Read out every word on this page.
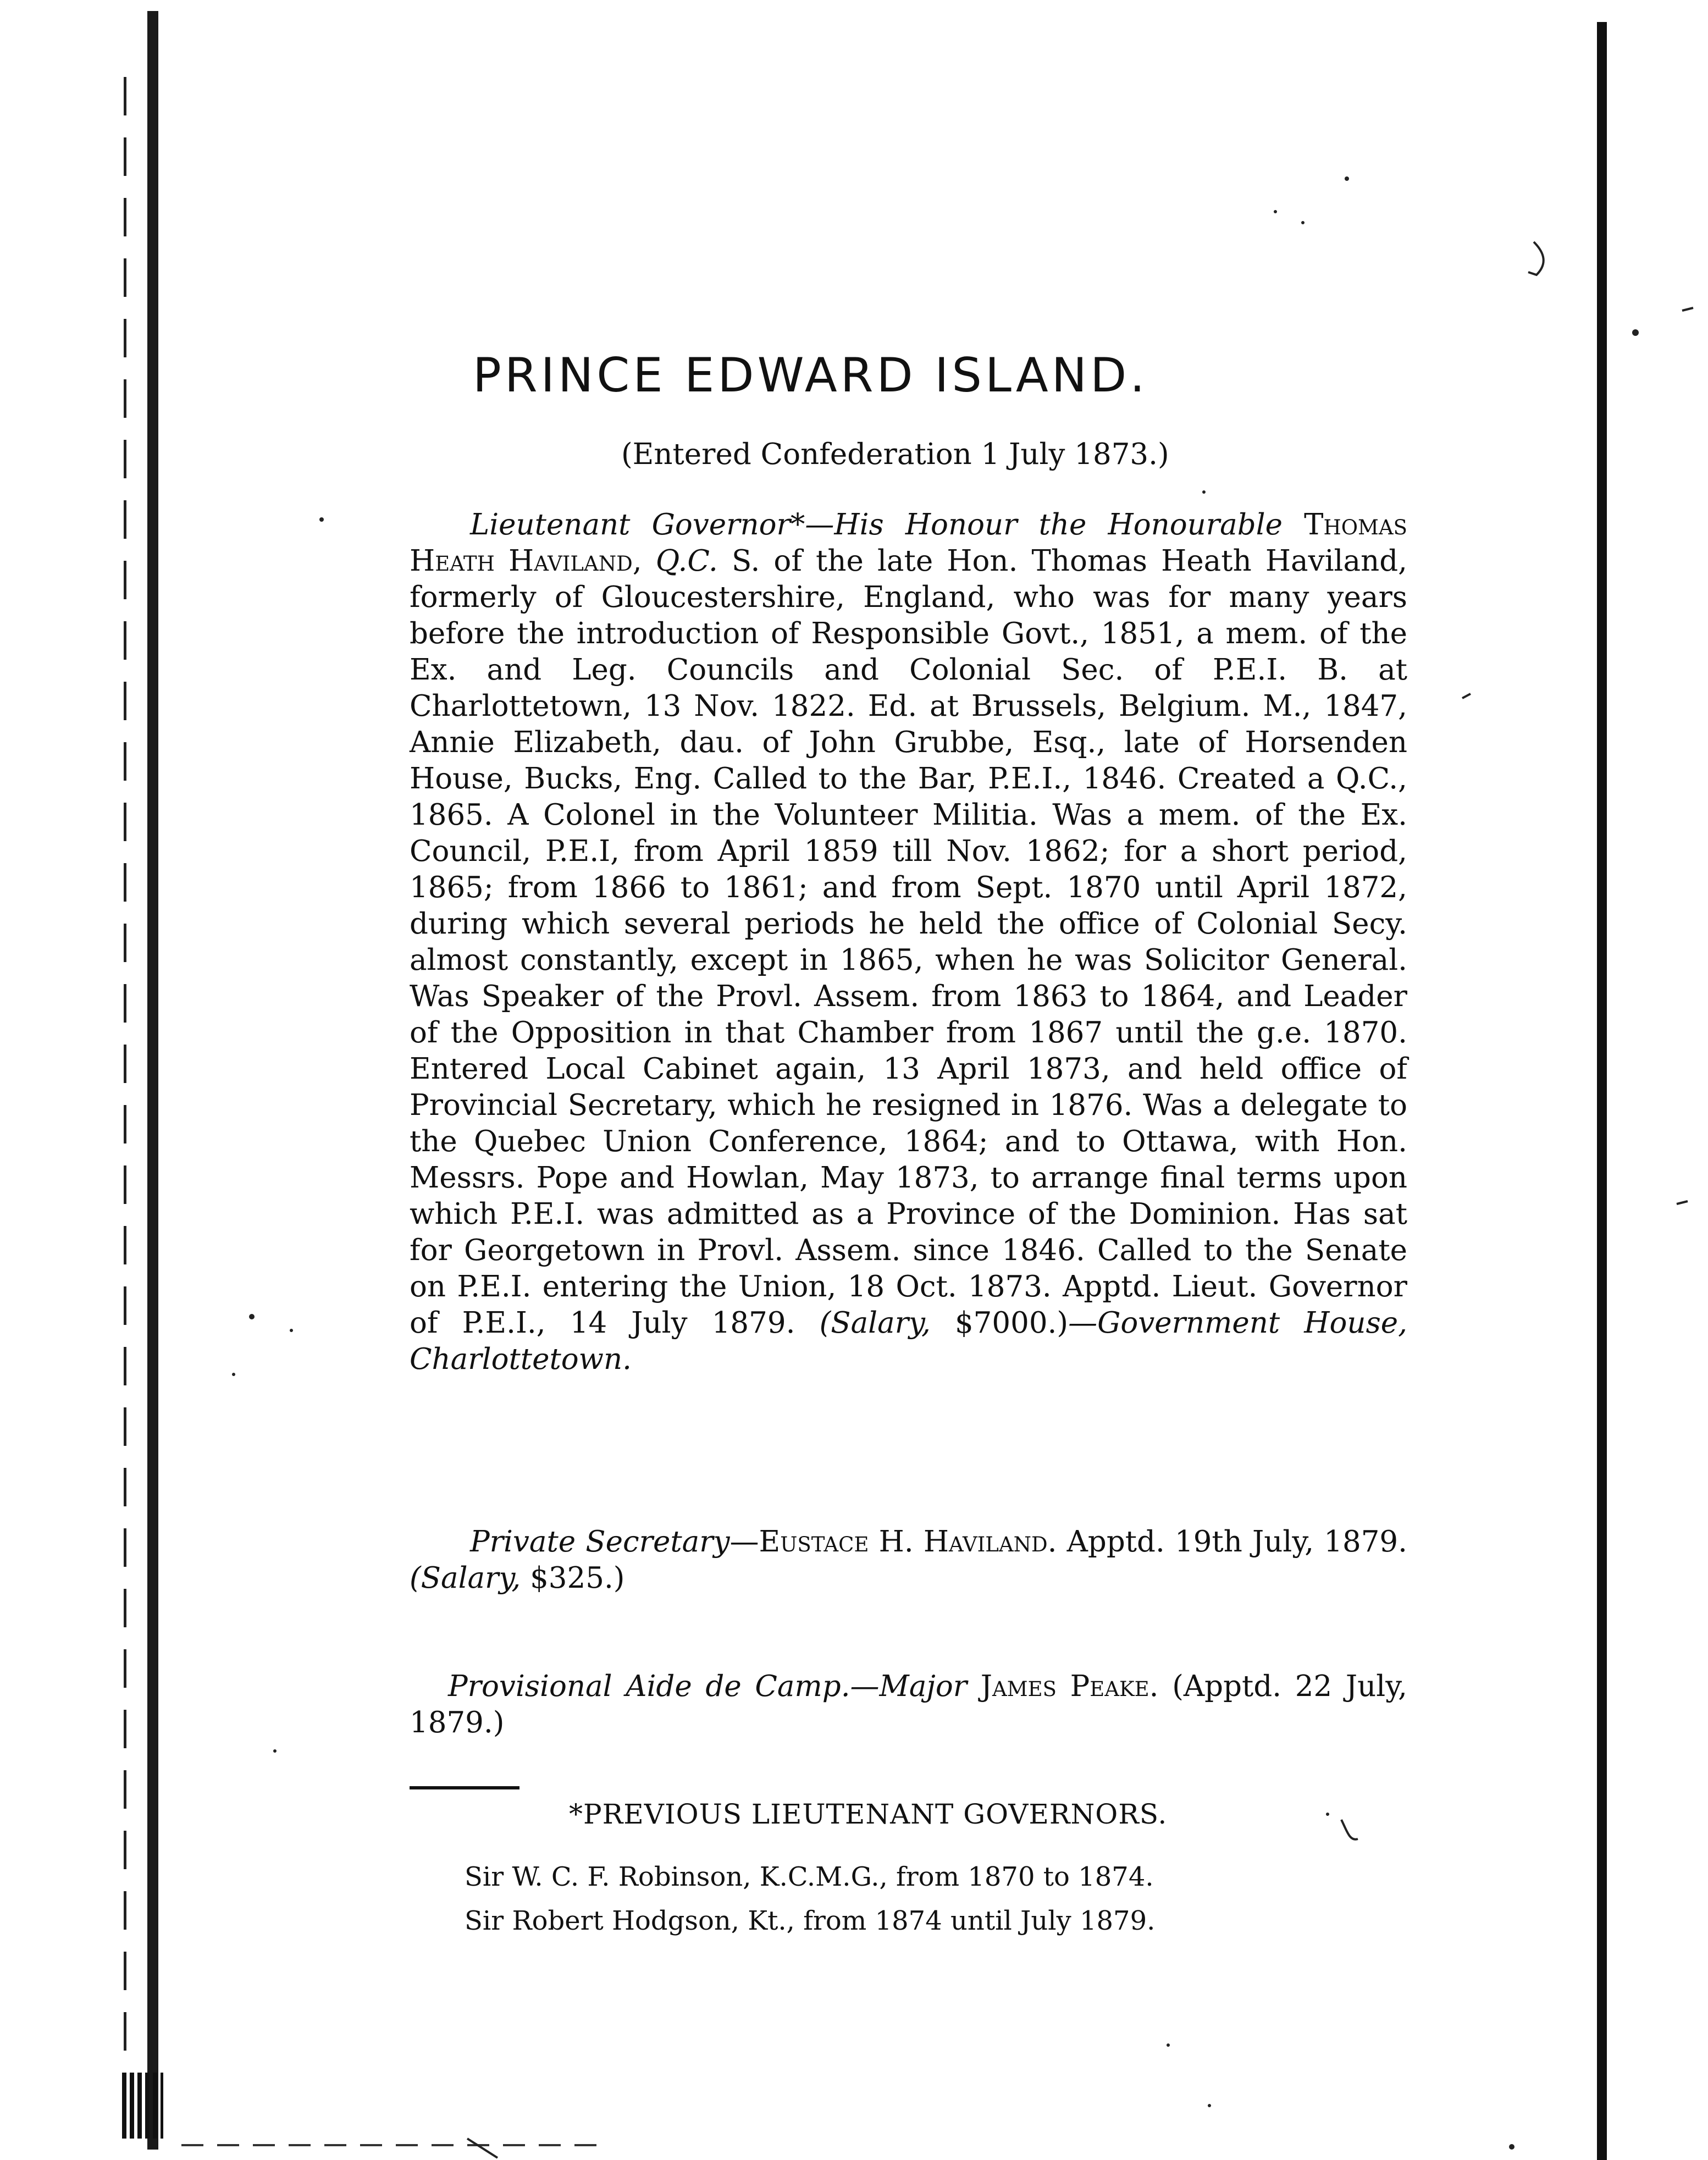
PRINCE EDWARD ISLAND.
(Entered Confederation 1 July 1873.)

Lieutenant Governor*—His Honour the Honourable Thomas Heath Haviland, Q.C. S. of the late Hon. Thomas Heath Haviland, formerly of Gloucestershire, England, who was for many years before the introduction of Responsible Govt., 1851, a mem. of the Ex. and Leg. Councils and Colonial Sec. of P.E.I. B. at Charlottetown, 13 Nov. 1822. Ed. at Brussels, Belgium. M., 1847, Annie Elizabeth, dau. of John Grubbe, Esq., late of Horsenden House, Bucks, Eng. Called to the Bar, P.E.I., 1846. Created a Q.C., 1865. A Colonel in the Volunteer Militia. Was a mem. of the Ex. Council, P.E.I, from April 1859 till Nov. 1862; for a short period, 1865; from 1866 to 1861; and from Sept. 1870 until April 1872, during which several periods he held the office of Colonial Secy. almost constantly, except in 1865, when he was Solicitor General. Was Speaker of the Provl. Assem. from 1863 to 1864, and Leader of the Opposition in that Chamber from 1867 until the g.e. 1870. Entered Local Cabinet again, 13 April 1873, and held office of Provincial Secretary, which he resigned in 1876. Was a delegate to the Quebec Union Conference, 1864; and to Ottawa, with Hon. Messrs. Pope and Howlan, May 1873, to arrange final terms upon which P.E.I. was admitted as a Province of the Dominion. Has sat for Georgetown in Provl. Assem. since 1846. Called to the Senate on P.E.I. entering the Union, 18 Oct. 1873. Apptd. Lieut. Governor of P.E.I., 14 July 1879. (Salary, $7000.)—Government House, Charlottetown.

Private Secretary—Eustace H. Haviland. Apptd. 19th July, 1879. (Salary, $325.)

Provisional Aide de Camp.—Major James Peake. (Apptd. 22 July, 1879.)

*PREVIOUS LIEUTENANT GOVERNORS.
Sir W. C. F. Robinson, K.C.M.G., from 1870 to 1874.
Sir Robert Hodgson, Kt., from 1874 until July 1879.
